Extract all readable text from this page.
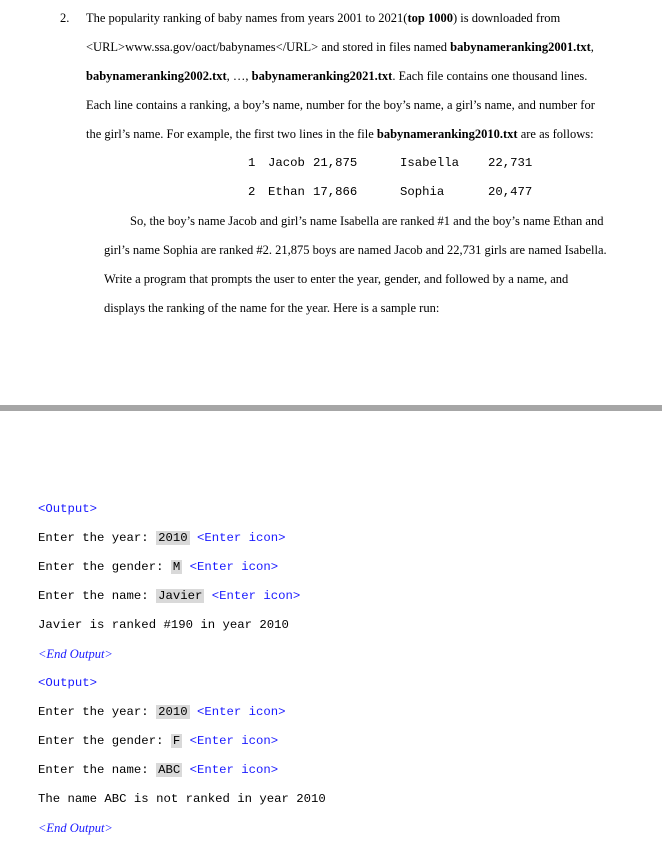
2. The popularity ranking of baby names from years 2001 to 2021(top 1000) is downloaded from
<URL>www.ssa.gov/oact/babynames</URL> and stored in files named babynameranking2001.txt,
babynameranking2002.txt, …, babynameranking2021.txt. Each file contains one thousand lines.
Each line contains a ranking, a boy’s name, number for the boy’s name, a girl’s name, and number for
the girl’s name. For example, the first two lines in the file babynameranking2010.txt are as follows:
1 Jacob 21,875	Isabella 22,731
2 Ethan 17,866	Sophia	20,477
So, the boy’s name Jacob and girl’s name Isabella are ranked #1 and the boy’s name Ethan and
girl’s name Sophia are ranked #2. 21,875 boys are named Jacob and 22,731 girls are named Isabella.
Write a program that prompts the user to enter the year, gender, and followed by a name, and
displays the ranking of the name for the year. Here is a sample run:
<Output>
Enter the year: 2010 <Enter icon>
Enter the gender: M <Enter icon>
Enter the name: Javier <Enter icon>
Javier is ranked #190 in year 2010
<End Output>
<Output>
Enter the year: 2010 <Enter icon>
Enter the gender: F <Enter icon>
Enter the name: ABC <Enter icon>
The name ABC is not ranked in year 2010
<End Output>
